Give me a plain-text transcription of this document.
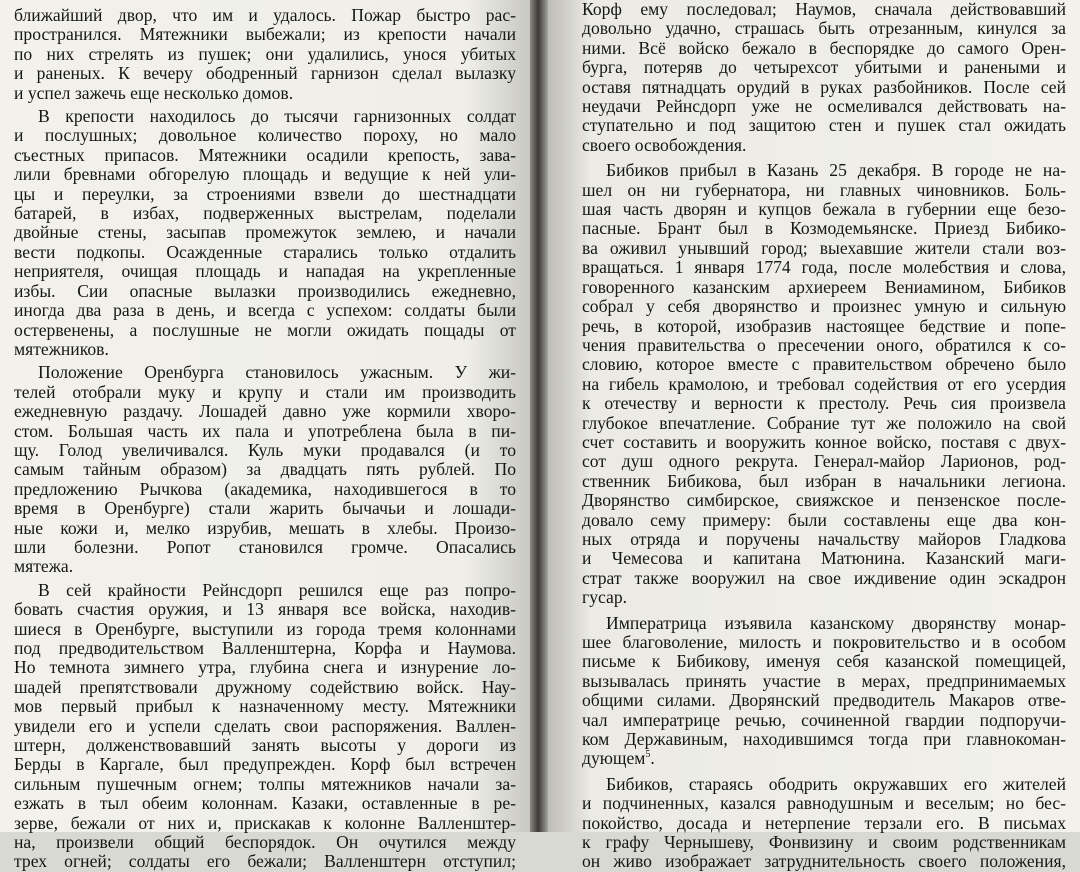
ближайший двор, что им и удалось. Пожар быстро рас-
пространился. Мятежники выбежали; из крепости начали
по них стрелять из пушек; они удалились, унося убитых
и раненых. К вечеру ободренный гарнизон сделал вылазку
и успел зажечь еще несколько домов.
В крепости находилось до тысячи гарнизонных солдат
и послушных; довольное количество пороху, но мало
съестных припасов. Мятежники осадили крепость, зава-
лили бревнами обгорелую площадь и ведущие к ней ули-
цы и переулки, за строениями взвели до шестнадцати
батарей, в избах, подверженных выстрелам, поделали
двойные стены, засыпав промежуток землею, и начали
вести подкопы. Осажденные старались только отдалить
неприятеля, очищая площадь и нападая на укрепленные
избы. Сии опасные вылазки производились ежедневно,
иногда два раза в день, и всегда с успехом: солдаты были
остервенены, а послушные не могли ожидать пощады от
мятежников.
Положение Оренбурга становилось ужасным. У жи-
телей отобрали муку и крупу и стали им производить
ежедневную раздачу. Лошадей давно уже кормили хворо-
стом. Большая часть их пала и употреблена была в пи-
щу. Голод увеличивался. Куль муки продавался (и то
самым тайным образом) за двадцать пять рублей. По
предложению Рычкова (академика, находившегося в то
время в Оренбурге) стали жарить бычачьи и лошади-
ные кожи и, мелко изрубив, мешать в хлебы. Произо-
шли болезни. Ропот становился громче. Опасались
мятежа.
В сей крайности Рейнсдорп решился еще раз попро-
бовать счастия оружия, и 13 января все войска, находив-
шиеся в Оренбурге, выступили из города тремя колоннами
под предводительством Валленштерна, Корфа и Наумова.
Но темнота зимнего утра, глубина снега и изнурение ло-
шадей препятствовали дружному содействию войск. Нау-
мов первый прибыл к назначенному месту. Мятежники
увидели его и успели сделать свои распоряжения. Валлен-
штерн, долженствовавший занять высоты у дороги из
Берды в Каргале, был предупрежден. Корф был встречен
сильным пушечным огнем; толпы мятежников начали за-
езжать в тыл обеим колоннам. Казаки, оставленные в ре-
зерве, бежали от них и, прискакав к колонне Валленштер-
на, произвели общий беспорядок. Он очутился между
трех огней; солдаты его бежали; Валленштерн отступил;
Корф ему последовал; Наумов, сначала действовавший
довольно удачно, страшась быть отрезанным, кинулся за
ними. Всё войско бежало в беспорядке до самого Орен-
бурга, потеряв до четырехсот убитыми и ранеными и
оставя пятнадцать орудий в руках разбойников. После сей
неудачи Рейнсдорп уже не осмеливался действовать на-
ступательно и под защитою стен и пушек стал ожидать
своего освобождения.
Бибиков прибыл в Казань 25 декабря. В городе не на-
шел он ни губернатора, ни главных чиновников. Боль-
шая часть дворян и купцов бежала в губернии еще безо-
пасные. Брант был в Козмодемьянске. Приезд Бибико-
ва оживил унывший город; выехавшие жители стали воз-
вращаться. 1 января 1774 года, после молебствия и слова,
говоренного казанским архиереем Вениамином, Бибиков
собрал у себя дворянство и произнес умную и сильную
речь, в которой, изобразив настоящее бедствие и попе-
чения правительства о пресечении оного, обратился к со-
словию, которое вместе с правительством обречено было
на гибель крамолою, и требовал содействия от его усердия
к отечеству и верности к престолу. Речь сия произвела
глубокое впечатление. Собрание тут же положило на свой
счет составить и вооружить конное войско, поставя с двух-
сот душ одного рекрута. Генерал-майор Ларионов, род-
ственник Бибикова, был избран в начальники легиона.
Дворянство симбирское, свияжское и пензенское после-
довало сему примеру: были составлены еще два кон-
ных отряда и поручены начальству майоров Гладкова
и Чемесова и капитана Матюнина. Казанский маги-
страт также вооружил на свое иждивение один эскадрон
гусар.
Императрица изъявила казанскому дворянству монар-
шее благоволение, милость и покровительство и в особом
письме к Бибикову, именуя себя казанской помещицей,
вызывалась принять участие в мерах, предпринимаемых
общими силами. Дворянский предводитель Макаров отве-
чал императрице речью, сочиненной гвардии подпоручи-
ком Державиным, находившимся тогда при главнокоман-
дующем$^5$.
Бибиков, стараясь ободрить окружавших его жителей
и подчиненных, казался равнодушным и веселым; но бес-
покойство, досада и нетерпение терзали его. В письмах
к графу Чернышеву, Фонвизину и своим родственникам
он живо изображает затруднительность своего положения,
